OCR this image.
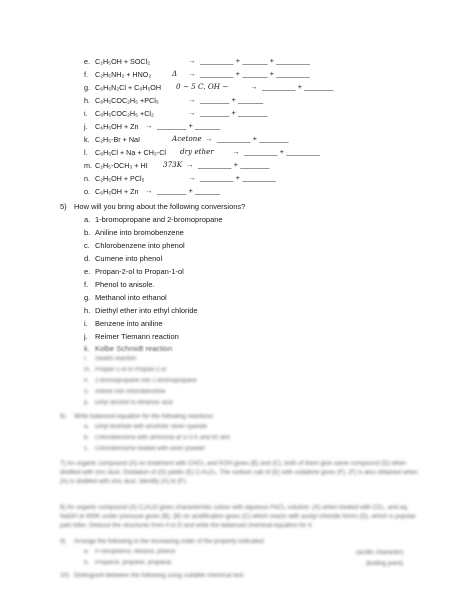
e. C₂H₅OH + SOCl₂	→ ________ + ______ + ________
f. C₂H₅NH₂ + HNO₂	Δ → ________ + ______ + ________
g. C₆H₅N₂Cl + C₆H₅OH 0 − 5 C, OH −	→ ________ + _______
h. C₆H₅COC₂H₅ +PCl₅	→ _______ + ______
i. C₆H₅COC₂H₅ +Cl₂	→ _______ + _______
j. C₆H₅OH + Zn → _______ + ______
k. C₂H₅-Br + NaI	Acetone → ________ + _______
l. C₆H₅Cl + Na + CH₃-Cl dry ether → ________ + ________
m. C₂H₅-OCH₃ + HI 373K → ________ + _______
n. C₂H₅OH + PCl₅	→ ________ + ________
o. C₆H₅OH + Zn → _______ + ______
5) How will you bring about the following conversions?
a. 1-bromopropane and 2-bromopropane
b. Aniline into bromobenzene
c. Chlorobenzene into phenol
d. Cumene into phenol
e. Propan-2-ol to Propan-1-ol
f. Phenol to anisole.
g. Methanol into ethanol
h. Diethyl ether into ethyl chloride
i. Benzene into aniline
j. Reimer Tiemann reaction
k. Kolbe Schmidt reaction
l. Swarts reaction
m. Propan-1-ol to Propan-2-ol
n. 2-bromopropane into 1-bromopropane
o. Aniline into chlorobenzene
p. Ethyl alcohol to ethanoic acid
6) Write balanced equation for the following reactions:
a. Ethyl bromide with alcoholic silver cyanide
b. Chlorobenzene with ammonia at 573 K and 60 atm
c. Chlorobenzene heated with silver powder
7) An organic compound (A) on treatment with CHCl₃ and KOH gives (B) and (C), both of them give same compound (D) when distilled with zinc dust. Oxidation of (D) yields (E) C₇H₆O₂. The sodium salt of (E) with sodalime gives (F). (F) is also obtained when (A) is distilled with zinc dust. Identify (A) to (F).
8) An organic compound (A) C₆H₆O gives characteristic colour with aqueous FeCl₃ solution. (A) when treated with CO₂, and aq. NaOH at 400K under pressure gives (B), (B) on acidification gives (C) which reacts with acetyl chloride forms (D), which is popular pain killer. Deduce the structures from A to D and write the balanced chemical equation for it.
9) Arrange the following in the increasing order of the property indicated:
a. P-nitrophenol, ethanol, phenol	(acidic character)
b. Propanol, propane, propanal	(boiling point)
10) Distinguish between the following using suitable chemical test:
